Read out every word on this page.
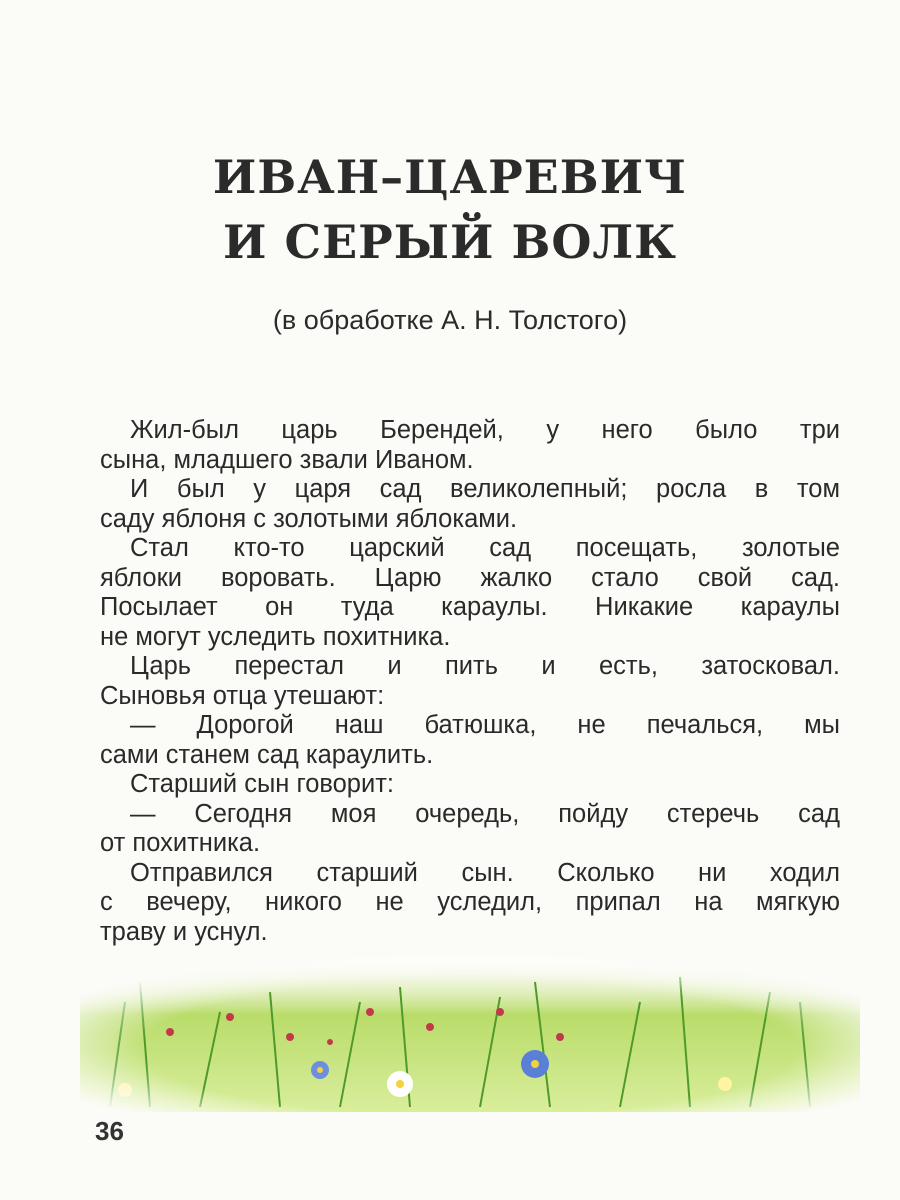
ИВАН–ЦАРЕВИЧ
И СЕРЫЙ ВОЛК
(в обработке А. Н. Толстого)
Жил-был царь Берендей, у него было три
сына, младшего звали Иваном.
И был у царя сад великолепный; росла в том
саду яблоня с золотыми яблоками.
Стал кто-то царский сад посещать, золотые
яблоки воровать. Царю жалко стало свой сад.
Посылает он туда караулы. Никакие караулы
не могут уследить похитника.
Царь перестал и пить и есть, затосковал.
Сыновья отца утешают:
— Дорогой наш батюшка, не печалься, мы
сами станем сад караулить.
Старший сын говорит:
— Сегодня моя очередь, пойду стеречь сад
от похитника.
Отправился старший сын. Сколько ни ходил
с вечеру, никого не уследил, припал на мягкую
траву и уснул.
36
